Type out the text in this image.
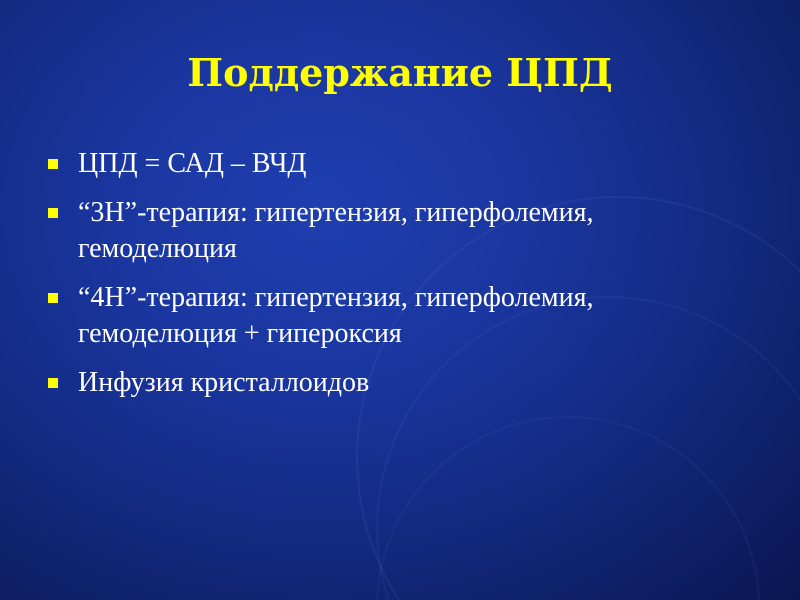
Поддержание ЦПД
ЦПД = САД – ВЧД
“3H”-терапия: гипертензия, гиперфолемия, гемоделюция
“4H”-терапия: гипертензия, гиперфолемия, гемоделюция + гипероксия
Инфузия кристаллоидов
